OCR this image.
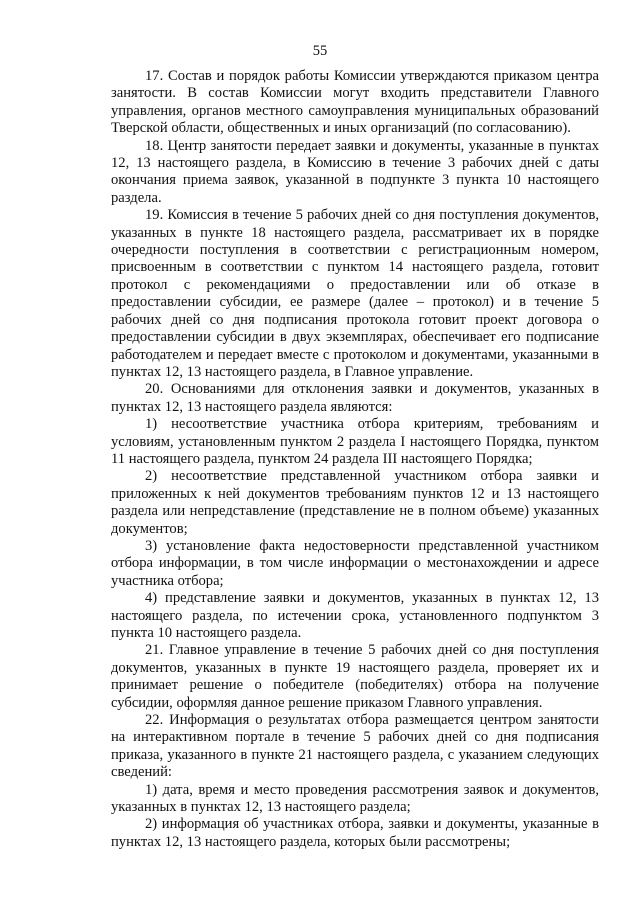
55

17. Состав и порядок работы Комиссии утверждаются приказом центра занятости. В состав Комиссии могут входить представители Главного управления, органов местного самоуправления муниципальных образований Тверской области, общественных и иных организаций (по согласованию).

18. Центр занятости передает заявки и документы, указанные в пунктах 12, 13 настоящего раздела, в Комиссию в течение 3 рабочих дней с даты окончания приема заявок, указанной в подпункте 3 пункта 10 настоящего раздела.

19. Комиссия в течение 5 рабочих дней со дня поступления документов, указанных в пункте 18 настоящего раздела, рассматривает их в порядке очередности поступления в соответствии с регистрационным номером, присвоенным в соответствии с пунктом 14 настоящего раздела, готовит протокол с рекомендациями о предоставлении или об отказе в предоставлении субсидии, ее размере (далее – протокол) и в течение 5 рабочих дней со дня подписания протокола готовит проект договора о предоставлении субсидии в двух экземплярах, обеспечивает его подписание работодателем и передает вместе с протоколом и документами, указанными в пунктах 12, 13 настоящего раздела, в Главное управление.

20. Основаниями для отклонения заявки и документов, указанных в пунктах 12, 13 настоящего раздела являются:

1) несоответствие участника отбора критериям, требованиям и условиям, установленным пунктом 2 раздела I настоящего Порядка, пунктом 11 настоящего раздела, пунктом 24 раздела III настоящего Порядка;

2) несоответствие представленной участником отбора заявки и приложенных к ней документов требованиям пунктов 12 и 13 настоящего раздела или непредставление (представление не в полном объеме) указанных документов;

3) установление факта недостоверности представленной участником отбора информации, в том числе информации о местонахождении и адресе участника отбора;

4) представление заявки и документов, указанных в пунктах 12, 13 настоящего раздела, по истечении срока, установленного подпунктом 3 пункта 10 настоящего раздела.

21. Главное управление в течение 5 рабочих дней со дня поступления документов, указанных в пункте 19 настоящего раздела, проверяет их и принимает решение о победителе (победителях) отбора на получение субсидии, оформляя данное решение приказом Главного управления.

22. Информация о результатах отбора размещается центром занятости на интерактивном портале в течение 5 рабочих дней со дня подписания приказа, указанного в пункте 21 настоящего раздела, с указанием следующих сведений:

1) дата, время и место проведения рассмотрения заявок и документов, указанных в пунктах 12, 13 настоящего раздела;

2) информация об участниках отбора, заявки и документы, указанные в пунктах 12, 13 настоящего раздела, которых были рассмотрены;
